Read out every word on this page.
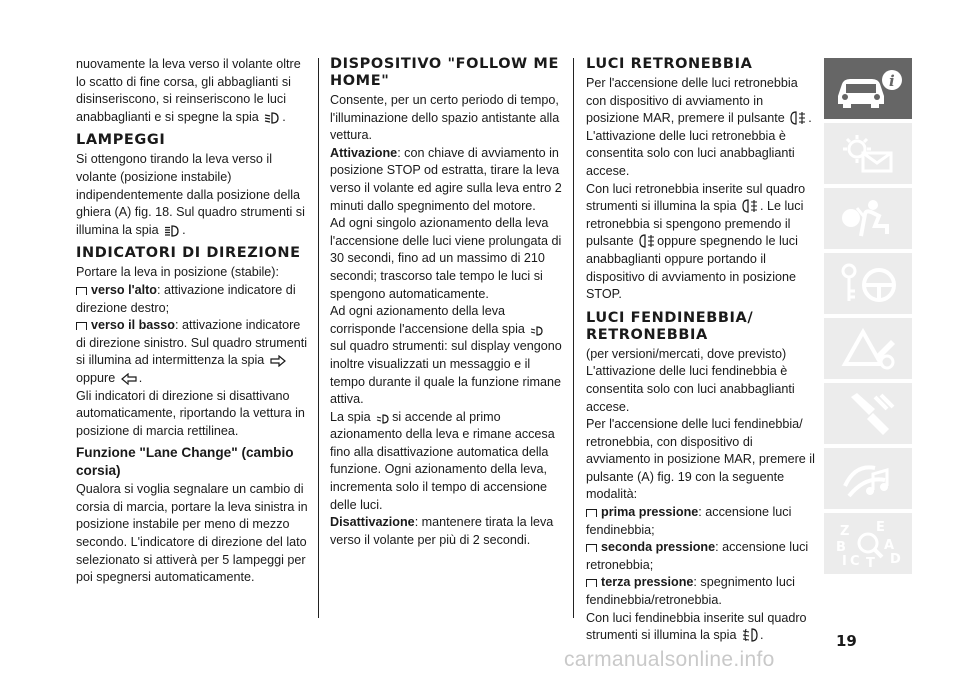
nuovamente la leva verso il volante oltre lo scatto di fine corsa, gli abbaglianti si disinseriscono, si reinseriscono le luci anabbaglianti e si spegne la spia .

LAMPEGGI

Si ottengono tirando la leva verso il volante (posizione instabile) indipendentemente dalla posizione della ghiera (A) fig. 18. Sul quadro strumenti si illumina la spia .

INDICATORI DI DIREZIONE

Portare la leva in posizione (stabile):

verso l'alto: attivazione indicatore di direzione destro;

verso il basso: attivazione indicatore di direzione sinistro. Sul quadro strumenti si illumina ad intermittenza la spia  oppure .

Gli indicatori di direzione si disattivano automaticamente, riportando la vettura in posizione di marcia rettilinea.

Funzione "Lane Change" (cambio corsia)

Qualora si voglia segnalare un cambio di corsia di marcia, portare la leva sinistra in posizione instabile per meno di mezzo secondo. L'indicatore di direzione del lato selezionato si attiverà per 5 lampeggi per poi spegnersi automaticamente.

DISPOSITIVO "FOLLOW ME HOME"

Consente, per un certo periodo di tempo, l'illuminazione dello spazio antistante alla vettura.

Attivazione: con chiave di avviamento in posizione STOP od estratta, tirare la leva verso il volante ed agire sulla leva entro 2 minuti dallo spegnimento del motore.

Ad ogni singolo azionamento della leva l'accensione delle luci viene prolungata di 30 secondi, fino ad un massimo di 210 secondi; trascorso tale tempo le luci si spengono automaticamente.

Ad ogni azionamento della leva corrisponde l'accensione della spia sul quadro strumenti: sul display vengono inoltre visualizzati un messaggio e il tempo durante il quale la funzione rimane attiva.

La spia si accende al primo azionamento della leva e rimane accesa fino alla disattivazione automatica della funzione. Ogni azionamento della leva, incrementa solo il tempo di accensione delle luci.

Disattivazione: mantenere tirata la leva verso il volante per più di 2 secondi.

LUCI RETRONEBBIA

Per l'accensione delle luci retronebbia con dispositivo di avviamento in posizione MAR, premere il pulsante .

L'attivazione delle luci retronebbia è consentita solo con luci anabbaglianti accese.

Con luci retronebbia inserite sul quadro strumenti si illumina la spia . Le luci retronebbia si spengono premendo il pulsante oppure spegnendo le luci anabbaglianti oppure portando il dispositivo di avviamento in posizione STOP.

LUCI FENDINEBBIA/ RETRONEBBIA

(per versioni/mercati, dove previsto)

L'attivazione delle luci fendinebbia è consentita solo con luci anabbaglianti accese.

Per l'accensione delle luci fendinebbia/ retronebbia, con dispositivo di avviamento in posizione MAR, premere il pulsante (A) fig. 19 con la seguente modalità:

prima pressione: accensione luci fendinebbia;

seconda pressione: accensione luci retronebbia;

terza pressione: spegnimento luci fendinebbia/retronebbia.

Con luci fendinebbia inserite sul quadro strumenti si illumina la spia .

i
Z E
B	A
C T D
I
19
carmanualsonline.info
